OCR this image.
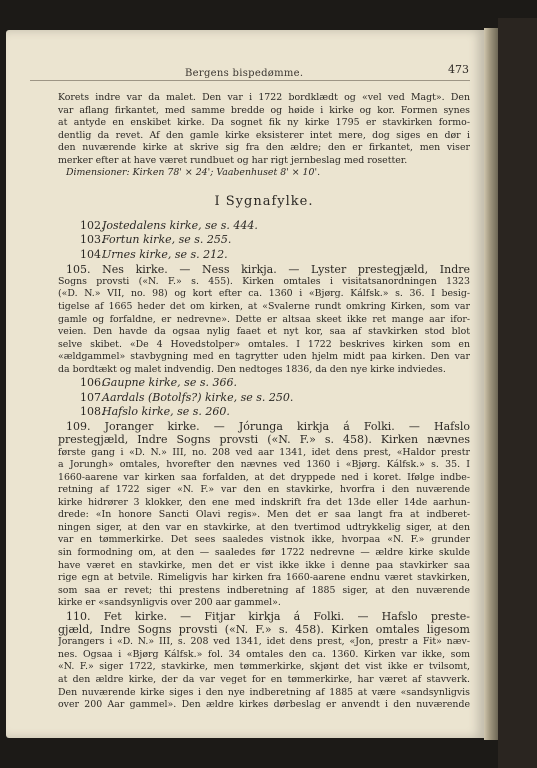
Bergens bispedømme.	473
Korets indre var da malet. Den var i 1722 bordklædt og «vel ved Magt». Den
var aflang firkantet, med samme bredde og høide i kirke og kor. Formen synes
at antyde en enskibet kirke. Da sognet fik ny kirke 1795 er stavkirken formo-
dentlig da revet. Af den gamle kirke eksisterer intet mere, dog siges en dør i
den nuværende kirke at skrive sig fra den ældre; den er firkantet, men viser
merker efter at have været rundbuet og har rigt jernbeslag med rosetter.
Dimensioner: Kirken 78' × 24'; Vaabenhuset 8' × 10'.
I Sygnafylke.
102.Jostedalens kirke, se s. 444.
103.Fortun kirke, se s. 255.
104.Urnes kirke, se s. 212.
105. Nes kirke. — Ness kirkja. — Lyster prestegjæld, Indre
Sogns provsti («N. F.» s. 455). Kirken omtales i visitatsanordningen 1323
(«D. N.» VII, no. 98) og kort efter ca. 1360 i «Bjørg. Kálfsk.» s. 36. I besig-
tigelse af 1665 heder det om kirken, at «Svalerne rundt omkring Kirken, som var
gamle og forfaldne, er nedrevne». Dette er altsaa skeet ikke ret mange aar ifor-
veien. Den havde da ogsaa nylig faaet et nyt kor, saa af stavkirken stod blot
selve skibet. «De 4 Hovedstolper» omtales. I 1722 beskrives kirken som en
«ældgammel» stavbygning med en tagrytter uden hjelm midt paa kirken. Den var
da bordtækt og malet indvendig. Den nedtoges 1836, da den nye kirke indviedes.
106.Gaupne kirke, se s. 366.
107.Aardals (Botolfs?) kirke, se s. 250.
108.Hafslo kirke, se s. 260.
109. Joranger kirke. — Jórunga kirkja á Folki. — Hafslo
prestegjæld, Indre Sogns provsti («N. F.» s. 458). Kirken nævnes
første gang i «D. N.» III, no. 208 ved aar 1341, idet dens prest, «Haldor prestr
a Jorungh» omtales, hvorefter den nævnes ved 1360 i «Bjørg. Kálfsk.» s. 35. I
1660-aarene var kirken saa forfalden, at det dryppede ned i koret. Ifølge indbe-
retning af 1722 siger «N. F.» var den en stavkirke, hvorfra i den nuværende
kirke hidrører 3 klokker, den ene med indskrift fra det 13de eller 14de aarhun-
drede: «In honore Sancti Olavi regis». Men det er saa langt fra at indberet-
ningen siger, at den var en stavkirke, at den tvertimod udtrykkelig siger, at den
var en tømmerkirke. Det sees saaledes vistnok ikke, hvorpaa «N. F.» grunder
sin formodning om, at den — saaledes før 1722 nedrevne — ældre kirke skulde
have været en stavkirke, men det er vist ikke ikke i denne paa stavkirker saa
rige egn at betvile. Rimeligvis har kirken fra 1660-aarene endnu været stavkirken,
som saa er revet; thi prestens indberetning af 1885 siger, at den nuværende
kirke er «sandsynligvis over 200 aar gammel».
110. Fet kirke. — Fitjar kirkja á Folki. — Hafslo preste-
gjæld, Indre Sogns provsti («N. F.» s. 458). Kirken omtales ligesom
Jorangers i «D. N.» III, s. 208 ved 1341, idet dens prest, «Jon, prestr a Fit» næv-
nes. Ogsaa i «Bjørg Kálfsk.» fol. 34 omtales den ca. 1360. Kirken var ikke, som
«N. F.» siger 1722, stavkirke, men tømmerkirke, skjønt det vist ikke er tvilsomt,
at den ældre kirke, der da var veget for en tømmerkirke, har været af stavverk.
Den nuværende kirke siges i den nye indberetning af 1885 at være «sandsynligvis
over 200 Aar gammel». Den ældre kirkes dørbeslag er anvendt i den nuværende
